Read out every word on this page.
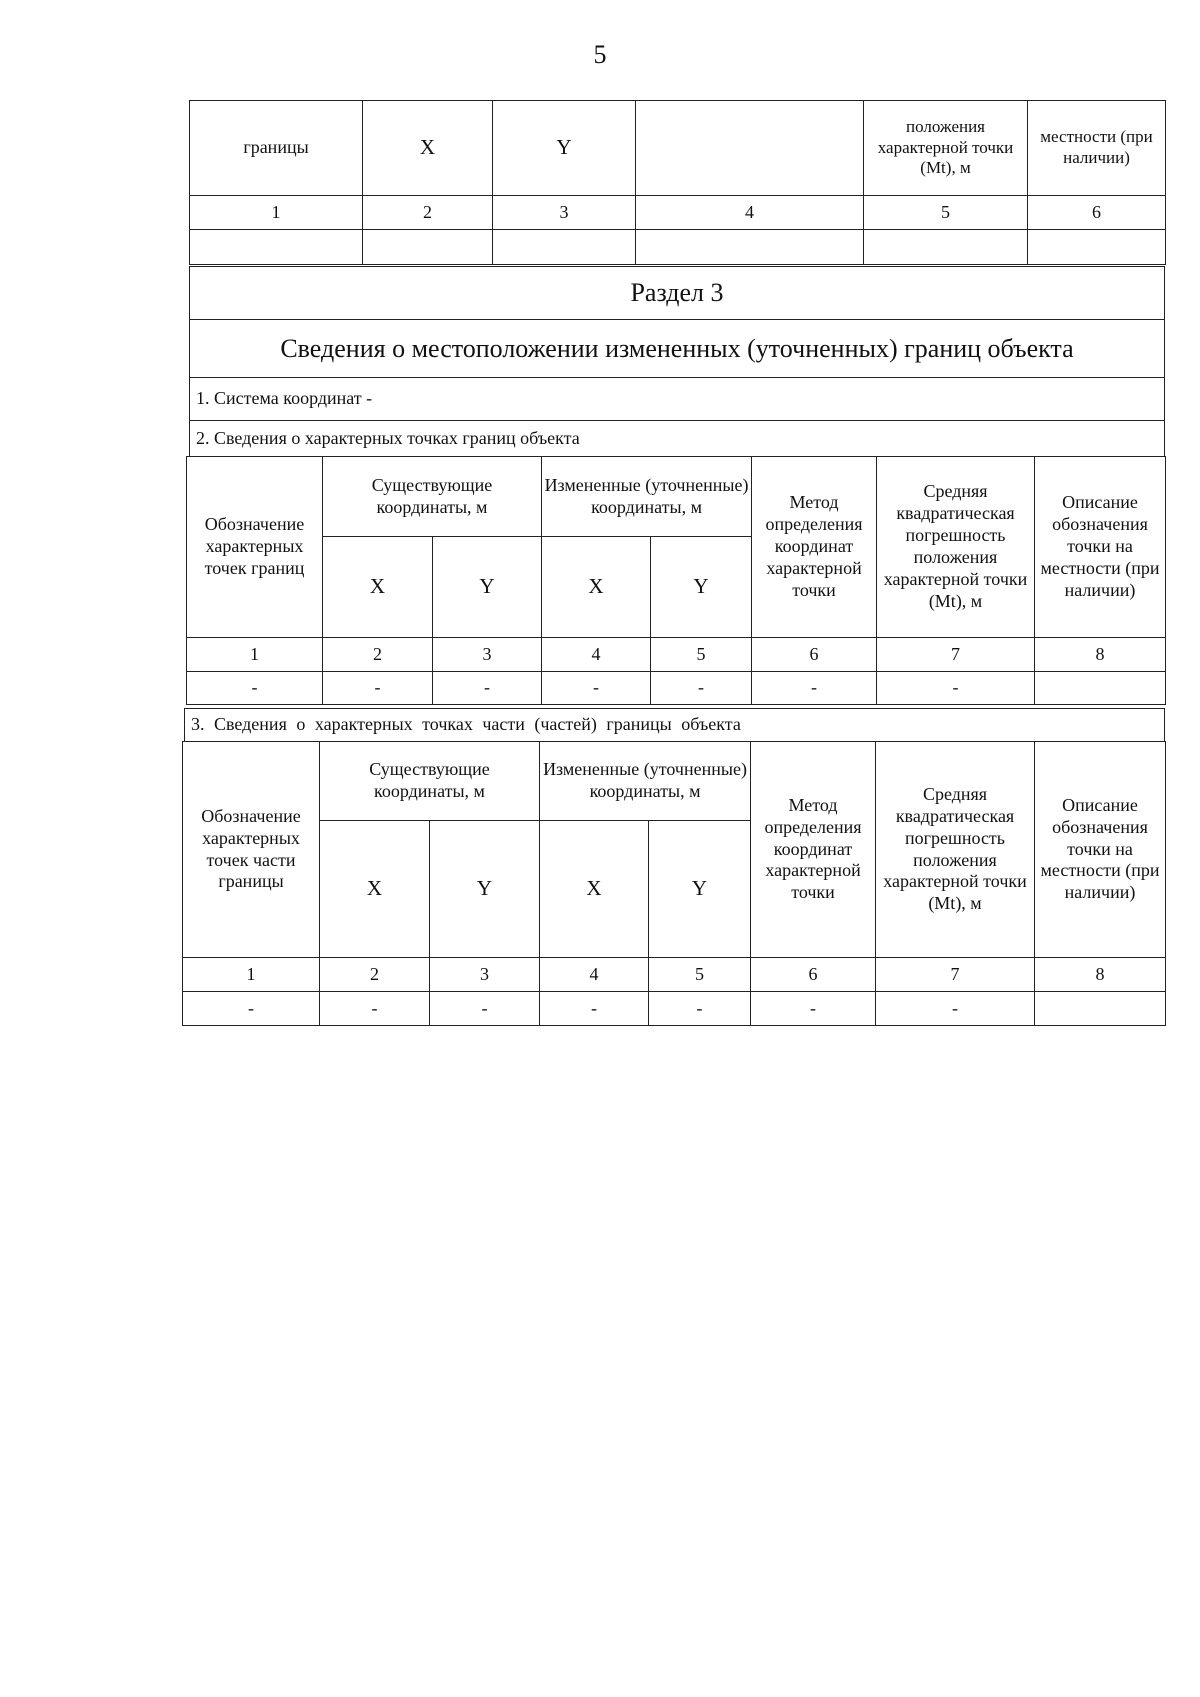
5
границы	X	Y		положения характерной точки (Mt), м	местности (при наличии)
1	2	3	4	5	6

Раздел 3
Сведения о местоположении измененных (уточненных) границ объекта
1. Система координат -
2. Сведения о характерных точках границ объекта
Обозначение характерных точек границ	Существующие координаты, м		Измененные (уточненные) координаты, м		Метод определения координат характерной точки	Средняя квадратическая погрешность положения характерной точки (Mt), м	Описание обозначения точки на местности (при наличии)
	X	Y	X	Y			
1	2	3	4	5	6	7	8
-	-	-	-	-	-	-	
3. Сведения о характерных точках части (частей) границы объекта
Обозначение характерных точек части границы	Существующие координаты, м		Измененные (уточненные) координаты, м		Метод определения координат характерной точки	Средняя квадратическая погрешность положения характерной точки (Mt), м	Описание обозначения точки на местности (при наличии)
	X	Y	X	Y			
1	2	3	4	5	6	7	8
-	-	-	-	-	-	-	
